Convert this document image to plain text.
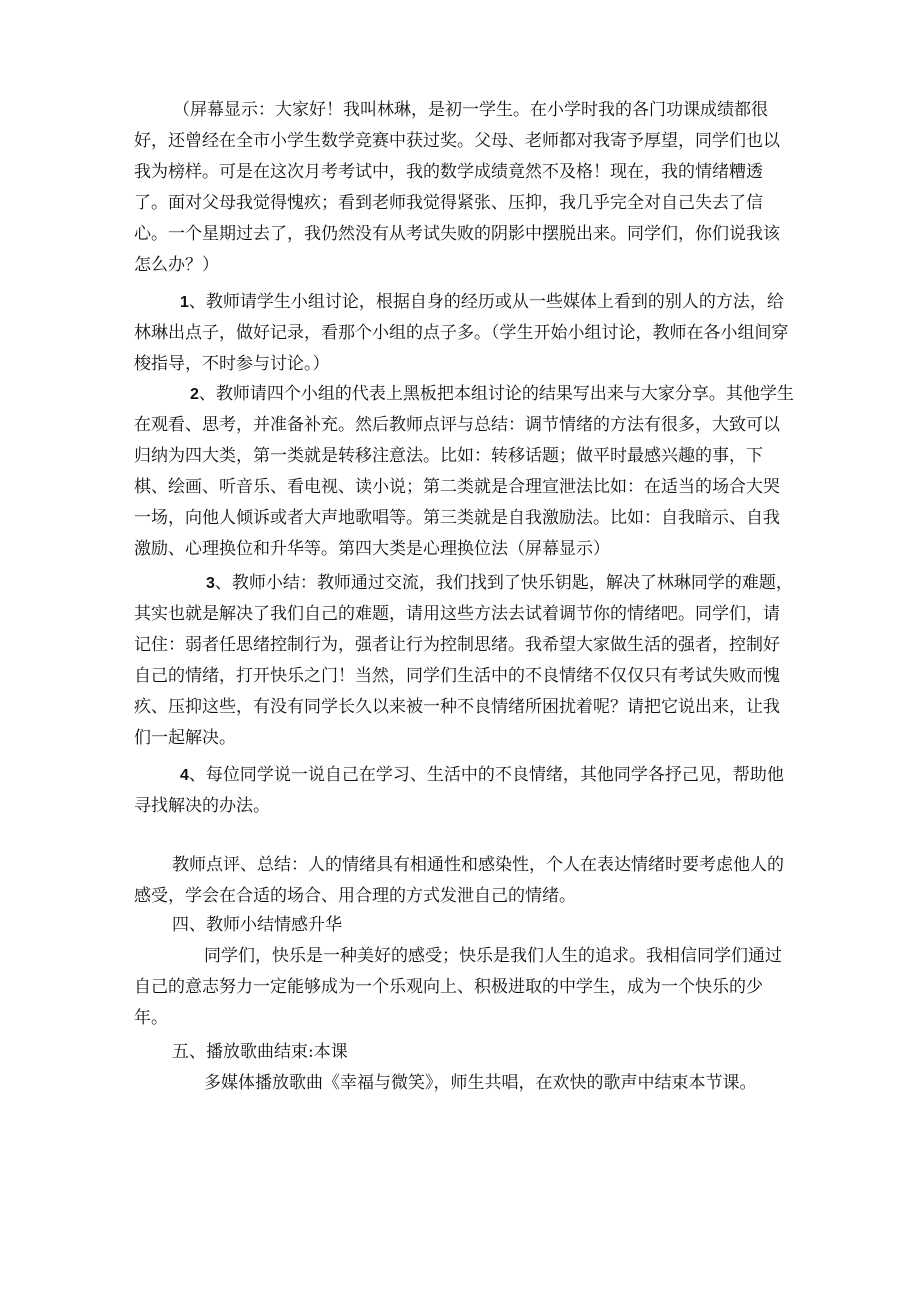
（屏幕显示：大家好！我叫林琳，是初一学生。在小学时我的各门功课成绩都很好，还曾经在全市小学生数学竞赛中获过奖。父母、老师都对我寄予厚望，同学们也以我为榜样。可是在这次月考考试中，我的数学成绩竟然不及格！现在，我的情绪糟透了。面对父母我觉得愧疚；看到老师我觉得紧张、压抑，我几乎完全对自己失去了信心。一个星期过去了，我仍然没有从考试失败的阴影中摆脱出来。同学们，你们说我该怎么办？）

1、教师请学生小组讨论，根据自身的经历或从一些媒体上看到的别人的方法，给林琳出点子，做好记录，看那个小组的点子多。（学生开始小组讨论，教师在各小组间穿梭指导，不时参与讨论。）

2、教师请四个小组的代表上黑板把本组讨论的结果写出来与大家分享。其他学生在观看、思考，并准备补充。然后教师点评与总结：调节情绪的方法有很多，大致可以归纳为四大类，第一类就是转移注意法。比如：转移话题；做平时最感兴趣的事，下棋、绘画、听音乐、看电视、读小说；第二类就是合理宣泄法比如：在适当的场合大哭一场，向他人倾诉或者大声地歌唱等。第三类就是自我激励法。比如：自我暗示、自我激励、心理换位和升华等。第四大类是心理换位法（屏幕显示）

3、教师小结：教师通过交流，我们找到了快乐钥匙，解决了林琳同学的难题，其实也就是解决了我们自己的难题，请用这些方法去试着调节你的情绪吧。同学们，请记住：弱者任思绪控制行为，强者让行为控制思绪。我希望大家做生活的强者，控制好自己的情绪，打开快乐之门！当然，同学们生活中的不良情绪不仅仅只有考试失败而愧疚、压抑这些，有没有同学长久以来被一种不良情绪所困扰着呢？请把它说出来，让我们一起解决。

4、每位同学说一说自己在学习、生活中的不良情绪，其他同学各抒己见，帮助他寻找解决的办法。

教师点评、总结：人的情绪具有相通性和感染性，个人在表达情绪时要考虑他人的感受，学会在合适的场合、用合理的方式发泄自己的情绪。

四、教师小结情感升华

同学们，快乐是一种美好的感受；快乐是我们人生的追求。我相信同学们通过自己的意志努力一定能够成为一个乐观向上、积极进取的中学生，成为一个快乐的少年。

五、播放歌曲结束:本课

多媒体播放歌曲《幸福与微笑》，师生共唱，在欢快的歌声中结束本节课。
